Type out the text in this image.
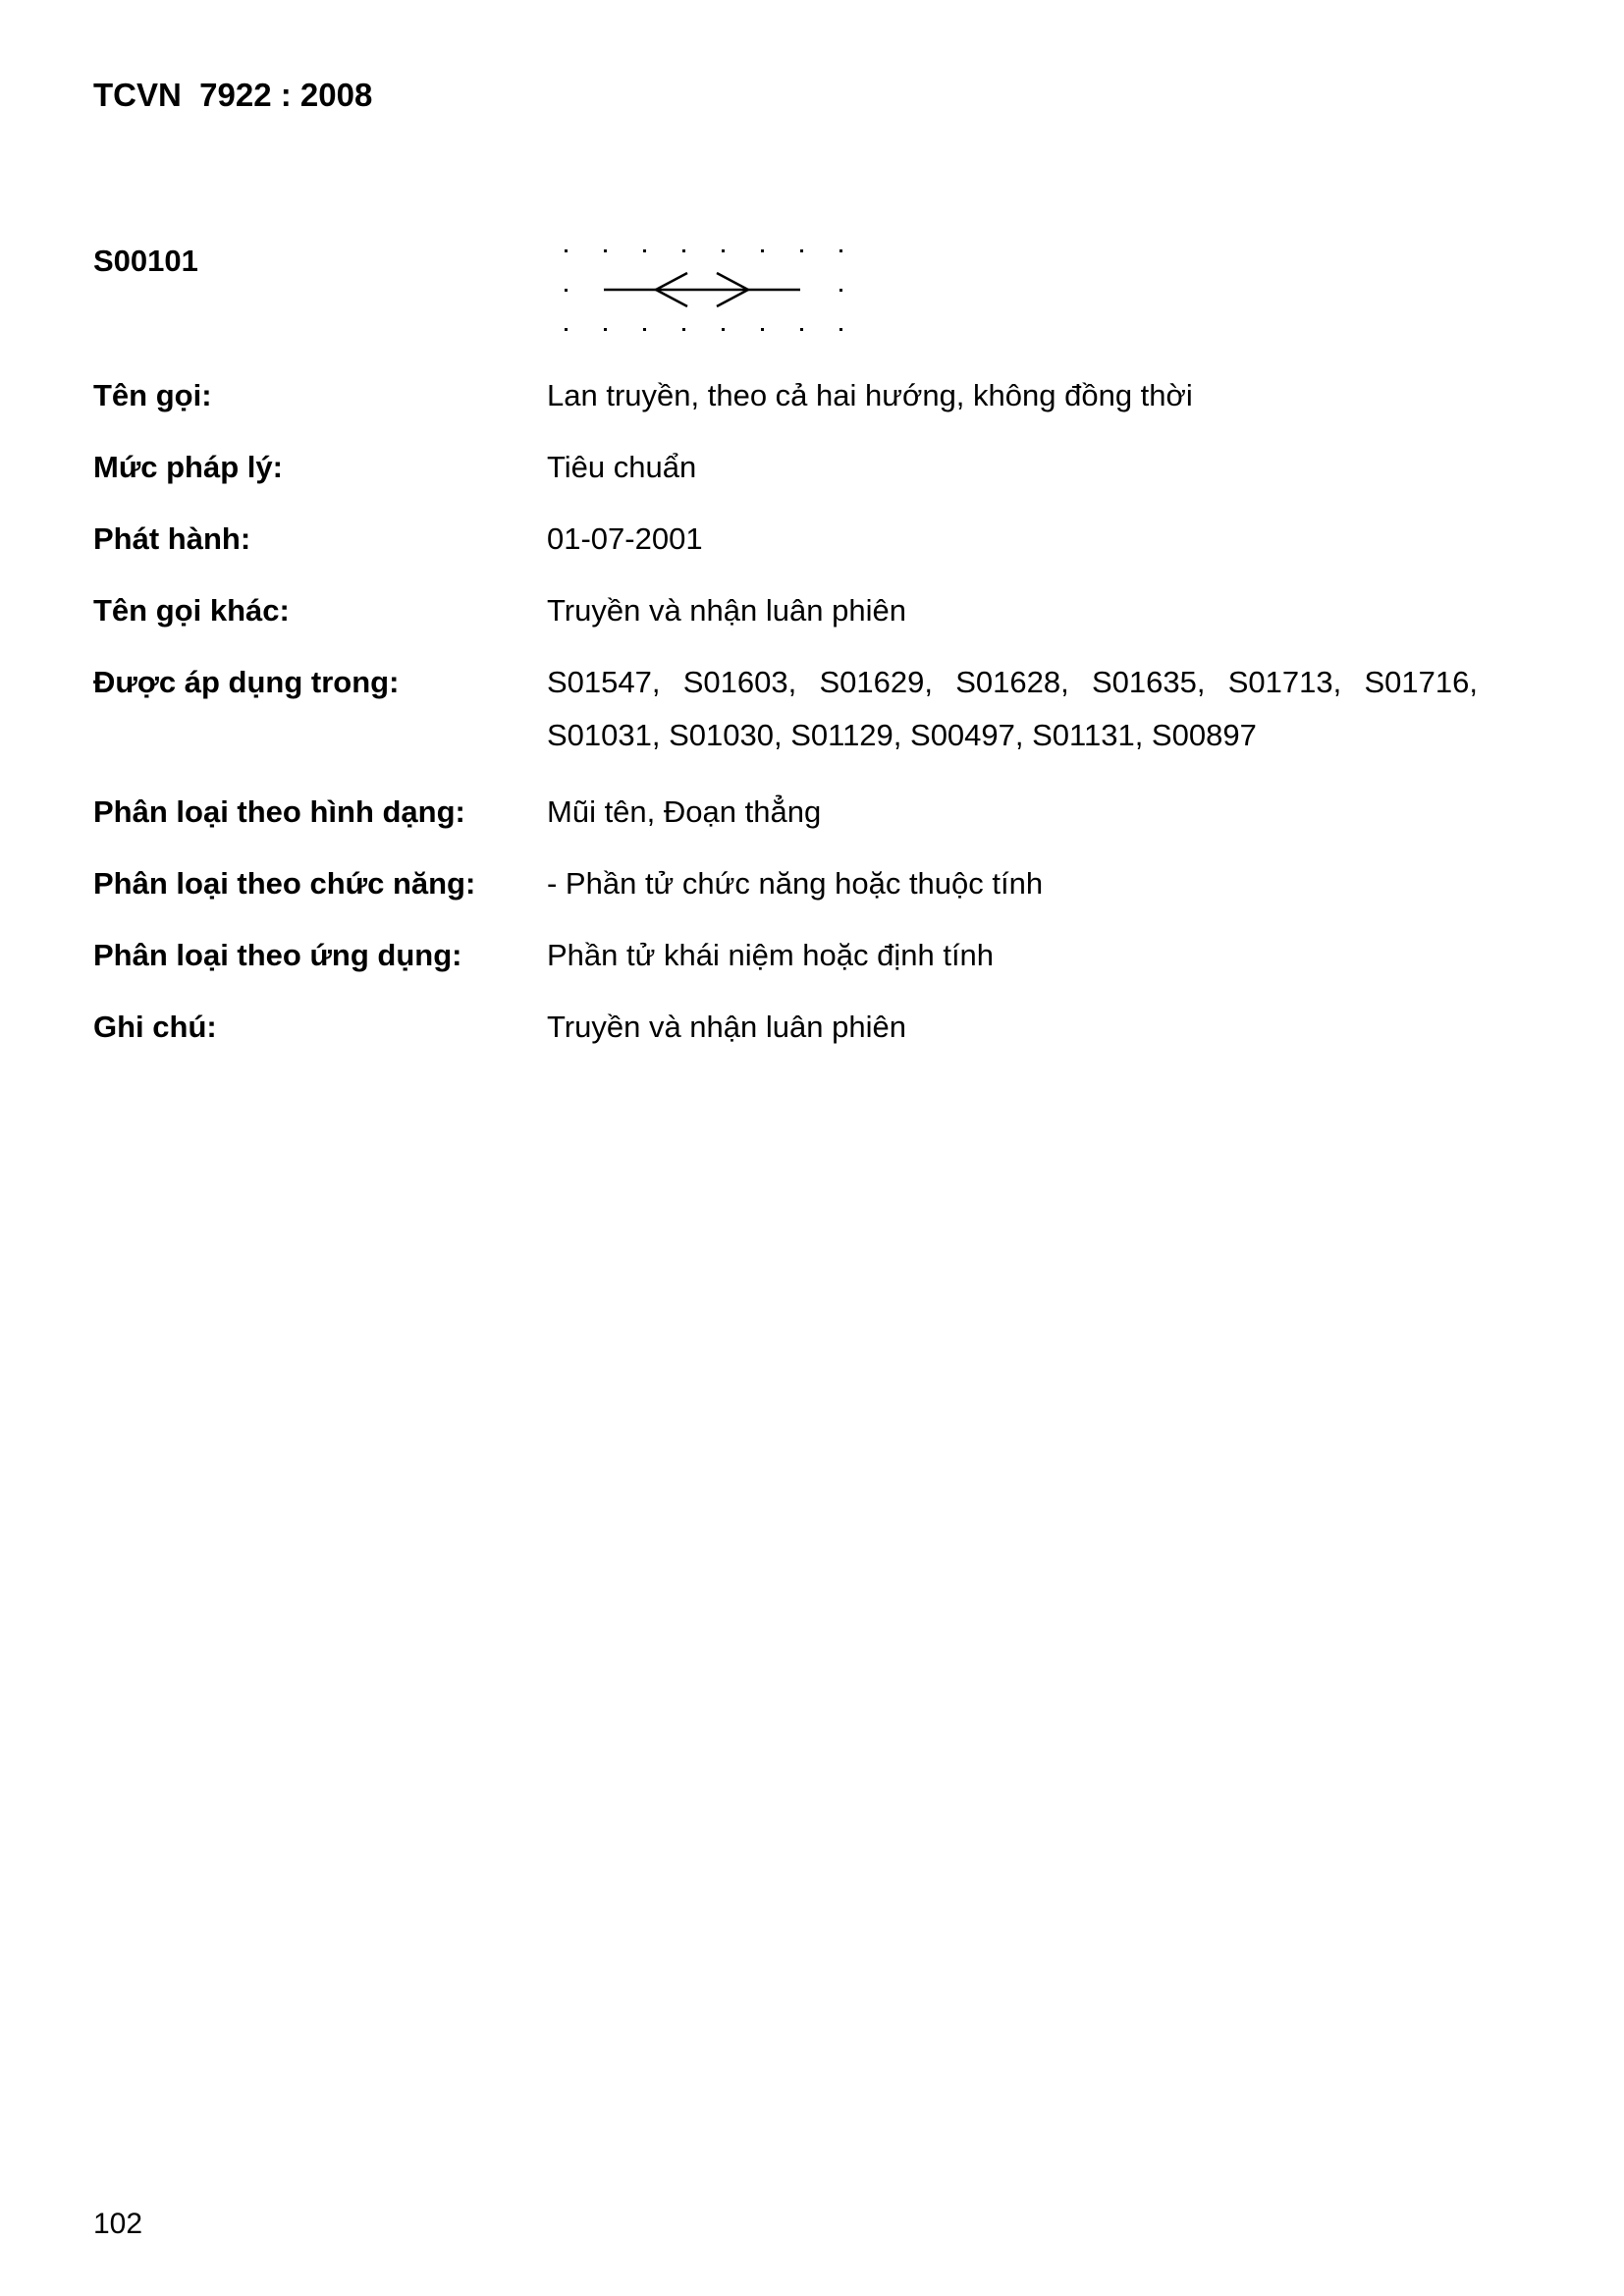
TCVN  7922 : 2008
S00101
Tên gọi:	Lan truyền, theo cả hai hướng, không đồng thời
Mức pháp lý:	Tiêu chuẩn
Phát hành:	01-07-2001
Tên gọi khác:	Truyền và nhận luân phiên
Được áp dụng trong:	S01547, S01603, S01629, S01628, S01635, S01713, S01716, S01031, S01030, S01129, S00497, S01131, S00897
Phân loại theo hình dạng:	Mũi tên, Đoạn thẳng
Phân loại theo chức năng:	- Phần tử chức năng hoặc thuộc tính
Phân loại theo ứng dụng:	Phần tử khái niệm hoặc định tính
Ghi chú:	Truyền và nhận luân phiên
102
